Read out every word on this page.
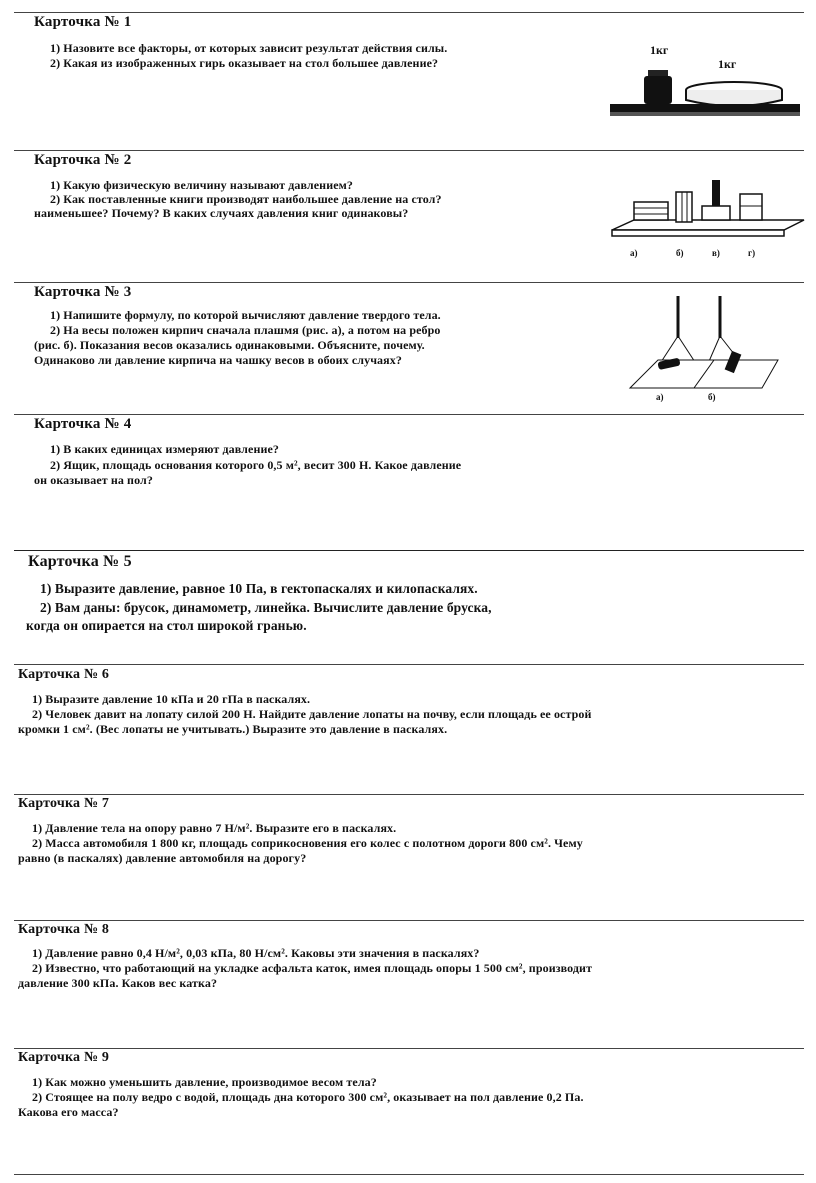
Карточка № 1
1) Назовите все факторы, от которых зависит результат действия силы.
2) Какая из изображенных гирь оказывает на стол большее давление?
1кг
1кг
Карточка № 2
1) Какую физическую величину называют давлением?
2) Как поставленные книги производят наибольшее давление на стол?
наименьшее? Почему? В каких случаях давления книг одинаковы?
а)	б)	в)	г)
Карточка № 3
1) Напишите формулу, по которой вычисляют давление твердого тела.
2) На весы положен кирпич сначала плашмя (рис. а), а потом на ребро
(рис. б). Показания весов оказались одинаковыми. Объясните, почему.
Одинаково ли давление кирпича на чашку весов в обоих случаях?
а)	б)
Карточка № 4
1) В каких единицах измеряют давление?
2) Ящик, площадь основания которого 0,5 м², весит 300 Н. Какое давление
он оказывает на пол?
Карточка № 5
1) Выразите давление, равное 10 Па, в гектопаскалях и килопаскалях.
2) Вам даны: брусок, динамометр, линейка. Вычислите давление бруска,
когда он опирается на стол широкой гранью.
Карточка № 6
1) Выразите давление 10 кПа и 20 гПа в паскалях.
2) Человек давит на лопату силой 200 Н. Найдите давление лопаты на почву, если площадь ее острой
кромки 1 см². (Вес лопаты не учитывать.) Выразите это давление в паскалях.
Карточка № 7
1) Давление тела на опору равно 7 Н/м². Выразите его в паскалях.
2) Масса автомобиля 1 800 кг, площадь соприкосновения его колес с полотном дороги 800 см². Чему
равно (в паскалях) давление автомобиля на дорогу?
Карточка № 8
1) Давление равно 0,4 Н/м², 0,03 кПа, 80 Н/см². Каковы эти значения в паскалях?
2) Известно, что работающий на укладке асфальта каток, имея площадь опоры 1 500 см², производит
давление 300 кПа. Каков вес катка?
Карточка № 9
1) Как можно уменьшить давление, производимое весом тела?
2) Стоящее на полу ведро с водой, площадь дна которого 300 см², оказывает на пол давление 0,2 Па.
Какова его масса?
